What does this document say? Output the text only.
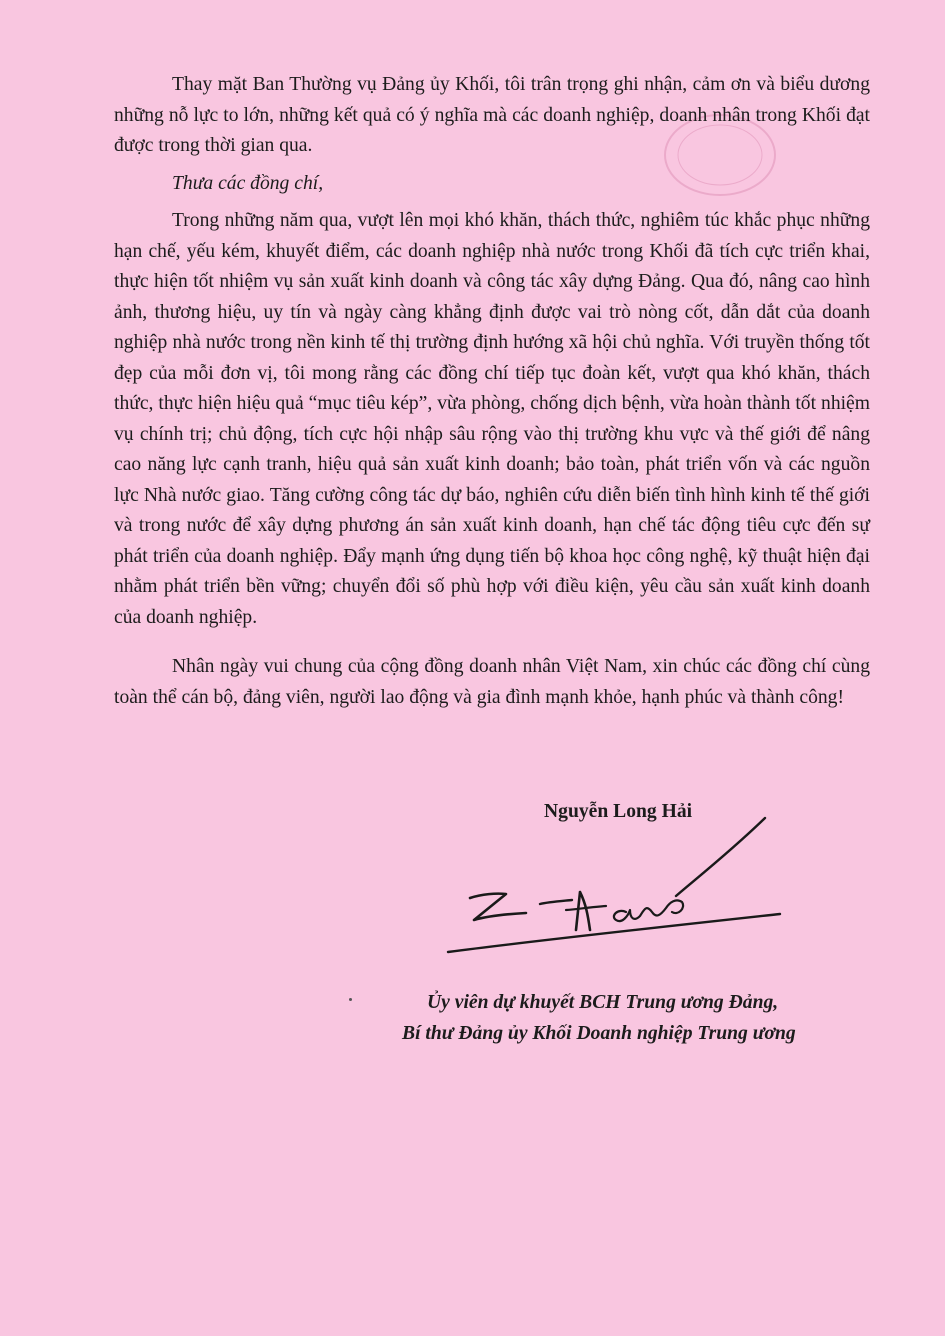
Thay mặt Ban Thường vụ Đảng ủy Khối, tôi trân trọng ghi nhận, cảm ơn và biểu dương những nỗ lực to lớn, những kết quả có ý nghĩa mà các doanh nghiệp, doanh nhân trong Khối đạt được trong thời gian qua.

Thưa các đồng chí,

Trong những năm qua, vượt lên mọi khó khăn, thách thức, nghiêm túc khắc phục những hạn chế, yếu kém, khuyết điểm, các doanh nghiệp nhà nước trong Khối đã tích cực triển khai, thực hiện tốt nhiệm vụ sản xuất kinh doanh và công tác xây dựng Đảng. Qua đó, nâng cao hình ảnh, thương hiệu, uy tín và ngày càng khẳng định được vai trò nòng cốt, dẫn dắt của doanh nghiệp nhà nước trong nền kinh tế thị trường định hướng xã hội chủ nghĩa. Với truyền thống tốt đẹp của mỗi đơn vị, tôi mong rằng các đồng chí tiếp tục đoàn kết, vượt qua khó khăn, thách thức, thực hiện hiệu quả “mục tiêu kép”, vừa phòng, chống dịch bệnh, vừa hoàn thành tốt nhiệm vụ chính trị; chủ động, tích cực hội nhập sâu rộng vào thị trường khu vực và thế giới để nâng cao năng lực cạnh tranh, hiệu quả sản xuất kinh doanh; bảo toàn, phát triển vốn và các nguồn lực Nhà nước giao. Tăng cường công tác dự báo, nghiên cứu diễn biến tình hình kinh tế thế giới và trong nước để xây dựng phương án sản xuất kinh doanh, hạn chế tác động tiêu cực đến sự phát triển của doanh nghiệp. Đẩy mạnh ứng dụng tiến bộ khoa học công nghệ, kỹ thuật hiện đại nhằm phát triển bền vững; chuyển đổi số phù hợp với điều kiện, yêu cầu sản xuất kinh doanh của doanh nghiệp.

Nhân ngày vui chung của cộng đồng doanh nhân Việt Nam, xin chúc các đồng chí cùng toàn thể cán bộ, đảng viên, người lao động và gia đình mạnh khỏe, hạnh phúc và thành công!

Nguyễn Long Hải
Ủy viên dự khuyết BCH Trung ương Đảng,
Bí thư Đảng ủy Khối Doanh nghiệp Trung ương
